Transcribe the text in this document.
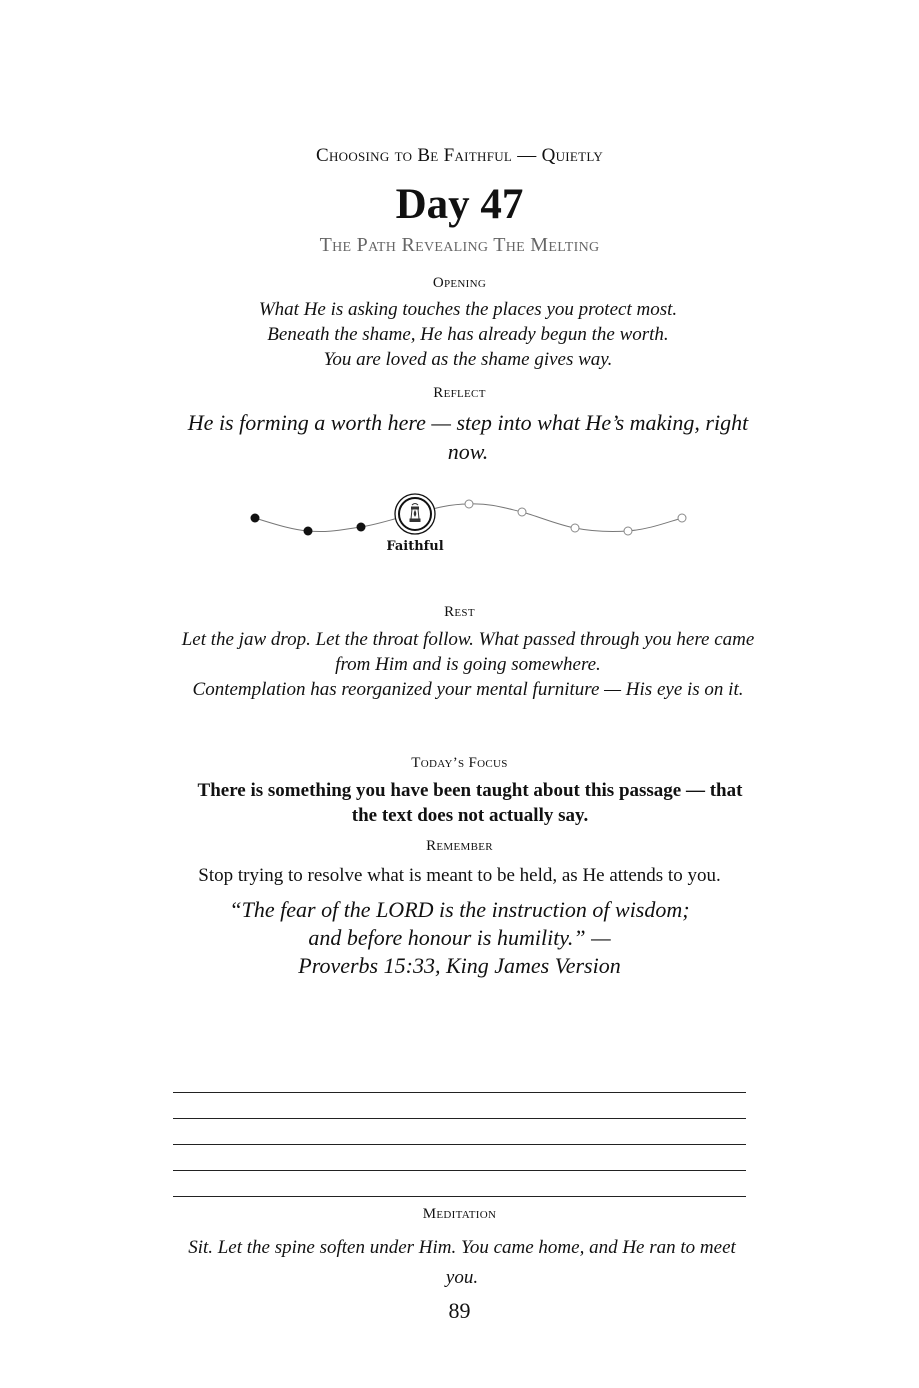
Choosing to Be Faithful — Quietly
Day 47
The Path Revealing The Melting
Opening
What He is asking touches the places you protect most.
Beneath the shame, He has already begun the worth.
You are loved as the shame gives way.
Reflect
He is forming a worth here — step into what He’s making, right now.
Faithful
Rest
Let the jaw drop. Let the throat follow. What passed through you here came from Him and is going somewhere.
Contemplation has reorganized your mental furniture — His eye is on it.
Today’s Focus
There is something you have been taught about this passage — that the text does not actually say.
Remember
Stop trying to resolve what is meant to be held, as He attends to you.
“The fear of the LORD is the instruction of wisdom;
and before honour is humility.” —
Proverbs 15:33, King James Version
Meditation
Sit. Let the spine soften under Him. You came home, and He ran to meet you.
89
